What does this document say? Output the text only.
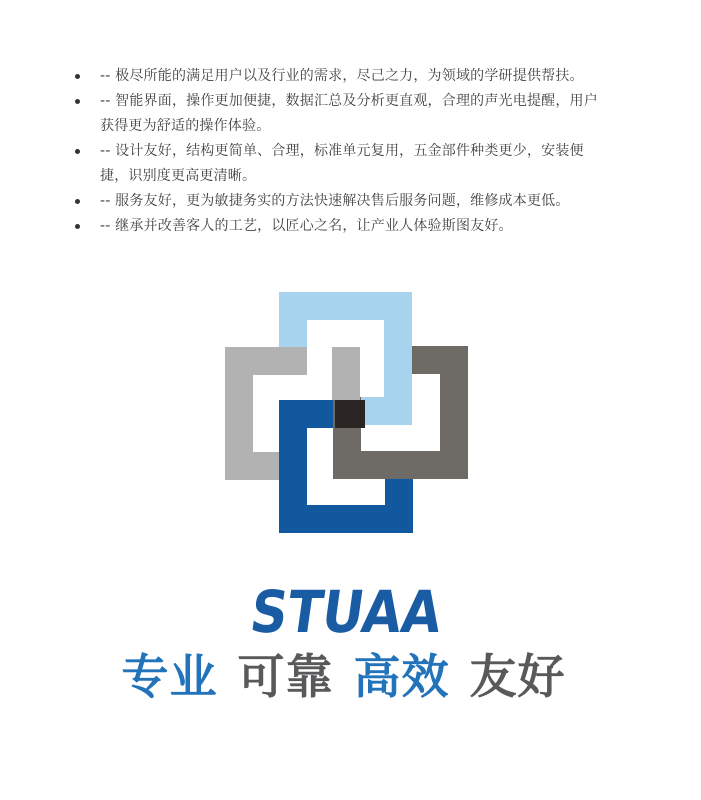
-- 极尽所能的满足用户以及行业的需求，尽己之力，为领域的学研提供帮扶。
-- 智能界面，操作更加便捷，数据汇总及分析更直观，合理的声光电提醒，用户获得更为舒适的操作体验。
-- 设计友好，结构更简单、合理，标准单元复用，五金部件种类更少，安装便捷，识别度更高更清晰。
-- 服务友好，更为敏捷务实的方法快速解决售后服务问题，维修成本更低。
-- 继承并改善客人的工艺，以匠心之名，让产业人体验斯图友好。
STUAA
专业 可靠 高效 友好
